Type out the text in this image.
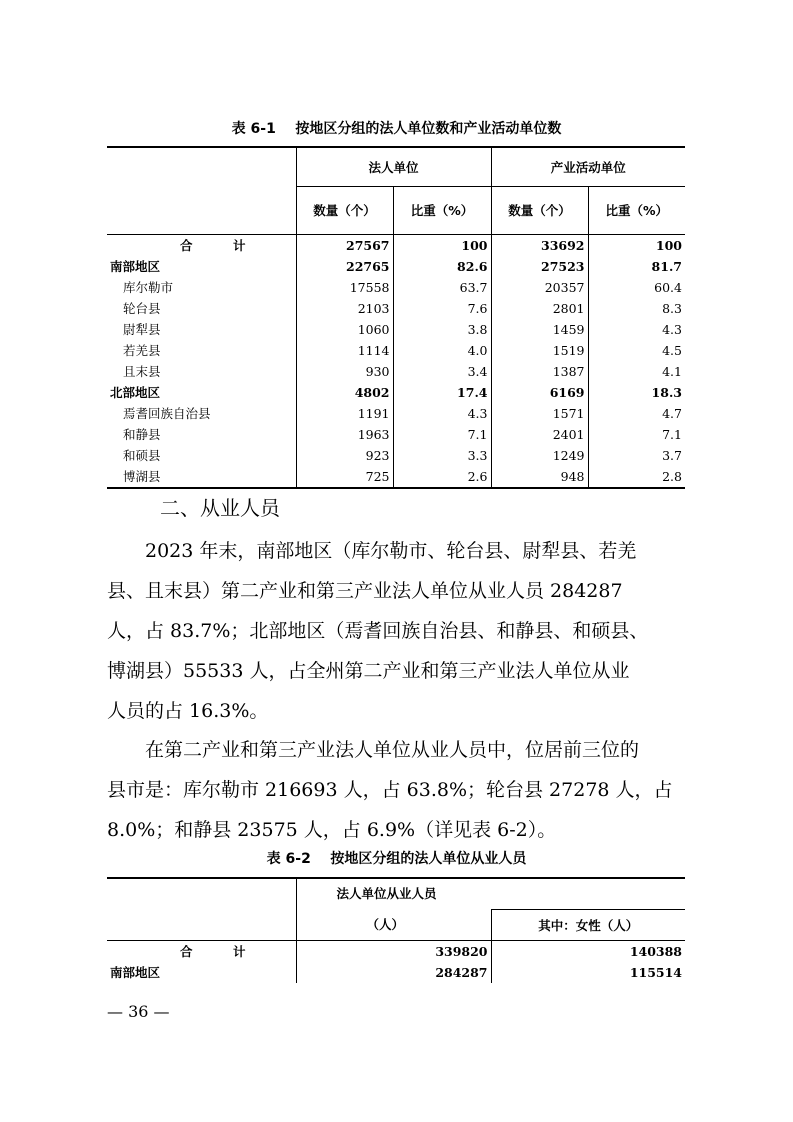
表 6-1    按地区分组的法人单位数和产业活动单位数
	法人单位		产业活动单位	
	数量（个）	比重（%）	数量（个）	比重（%）
合　计	27567	100	33692	100
南部地区	22765	82.6	27523	81.7
库尔勒市	17558	63.7	20357	60.4
轮台县	2103	7.6	2801	8.3
尉犁县	1060	3.8	1459	4.3
若羌县	1114	4.0	1519	4.5
且末县	930	3.4	1387	4.1
北部地区	4802	17.4	6169	18.3
焉耆回族自治县	1191	4.3	1571	4.7
和静县	1963	7.1	2401	7.1
和硕县	923	3.3	1249	3.7
博湖县	725	2.6	948	2.8
二、从业人员
2023 年末，南部地区（库尔勒市、轮台县、尉犁县、若羌
县、且末县）第二产业和第三产业法人单位从业人员 284287
人，占 83.7%；北部地区（焉耆回族自治县、和静县、和硕县、
博湖县）55533 人，占全州第二产业和第三产业法人单位从业
人员的占 16.3%。
在第二产业和第三产业法人单位从业人员中，位居前三位的
县市是：库尔勒市 216693 人，占 63.8%；轮台县 27278 人，占
8.0%；和静县 23575 人，占 6.9%（详见表 6-2）。
表 6-2    按地区分组的法人单位从业人员
	法人单位从业人员	
	（人）	其中：女性（人）
合　计	339820	140388
南部地区	284287	115514
— 36 —
